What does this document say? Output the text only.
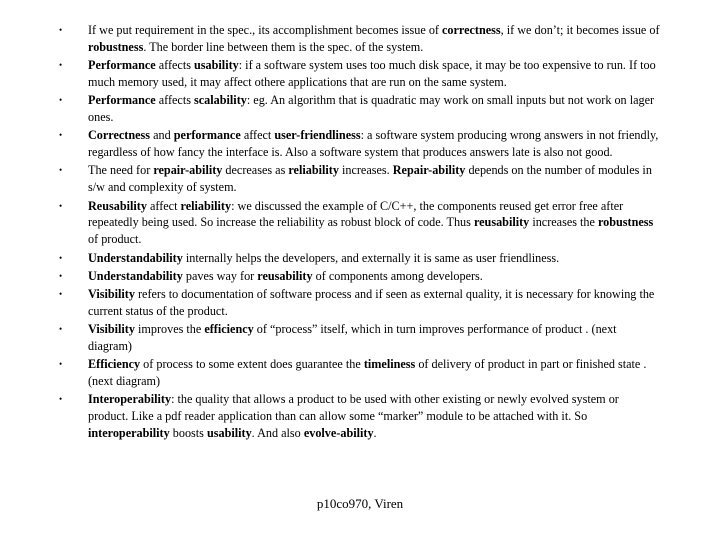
• If we put requirement in the spec., its accomplishment becomes issue of correctness, if we don’t; it becomes issue of robustness. The border line between them is the spec. of the system.
• Performance affects usability: if a software system uses too much disk space, it may be too expensive to run. If too much memory used, it may affect othere applications that are run on the same system.
• Performance affects scalability: eg. An algorithm that is quadratic may work on small inputs but not work on lager ones.
• Correctness and performance affect user-friendliness: a software system producing wrong answers in not friendly, regardless of how fancy the interface is. Also a software system that produces answers late is also not good.
• The need for repair-ability decreases as reliability increases. Repair-ability depends on the number of modules in s/w and complexity of system.
• Reusability affect reliability: we discussed the example of C/C++, the components reused get error free after repeatedly being used. So increase the reliability as robust block of code. Thus reusability increases the robustness of product.
• Understandability internally helps the developers, and externally it is same as user friendliness.
• Understandability paves way for reusability of components among developers.
• Visibility refers to documentation of software process and if seen as external quality, it is necessary for knowing the current status of the product.
• Visibility improves the efficiency of “process” itself, which in turn improves performance of product . (next diagram)
• Efficiency of process to some extent does guarantee the timeliness of delivery of product in part or finished state . (next diagram)
• Interoperability: the quality that allows a product to be used with other existing or newly evolved system or product. Like a pdf reader application than can allow some “marker” module to be attached with it. So interoperability boosts usability. And also evolve-ability.
p10co970, Viren
